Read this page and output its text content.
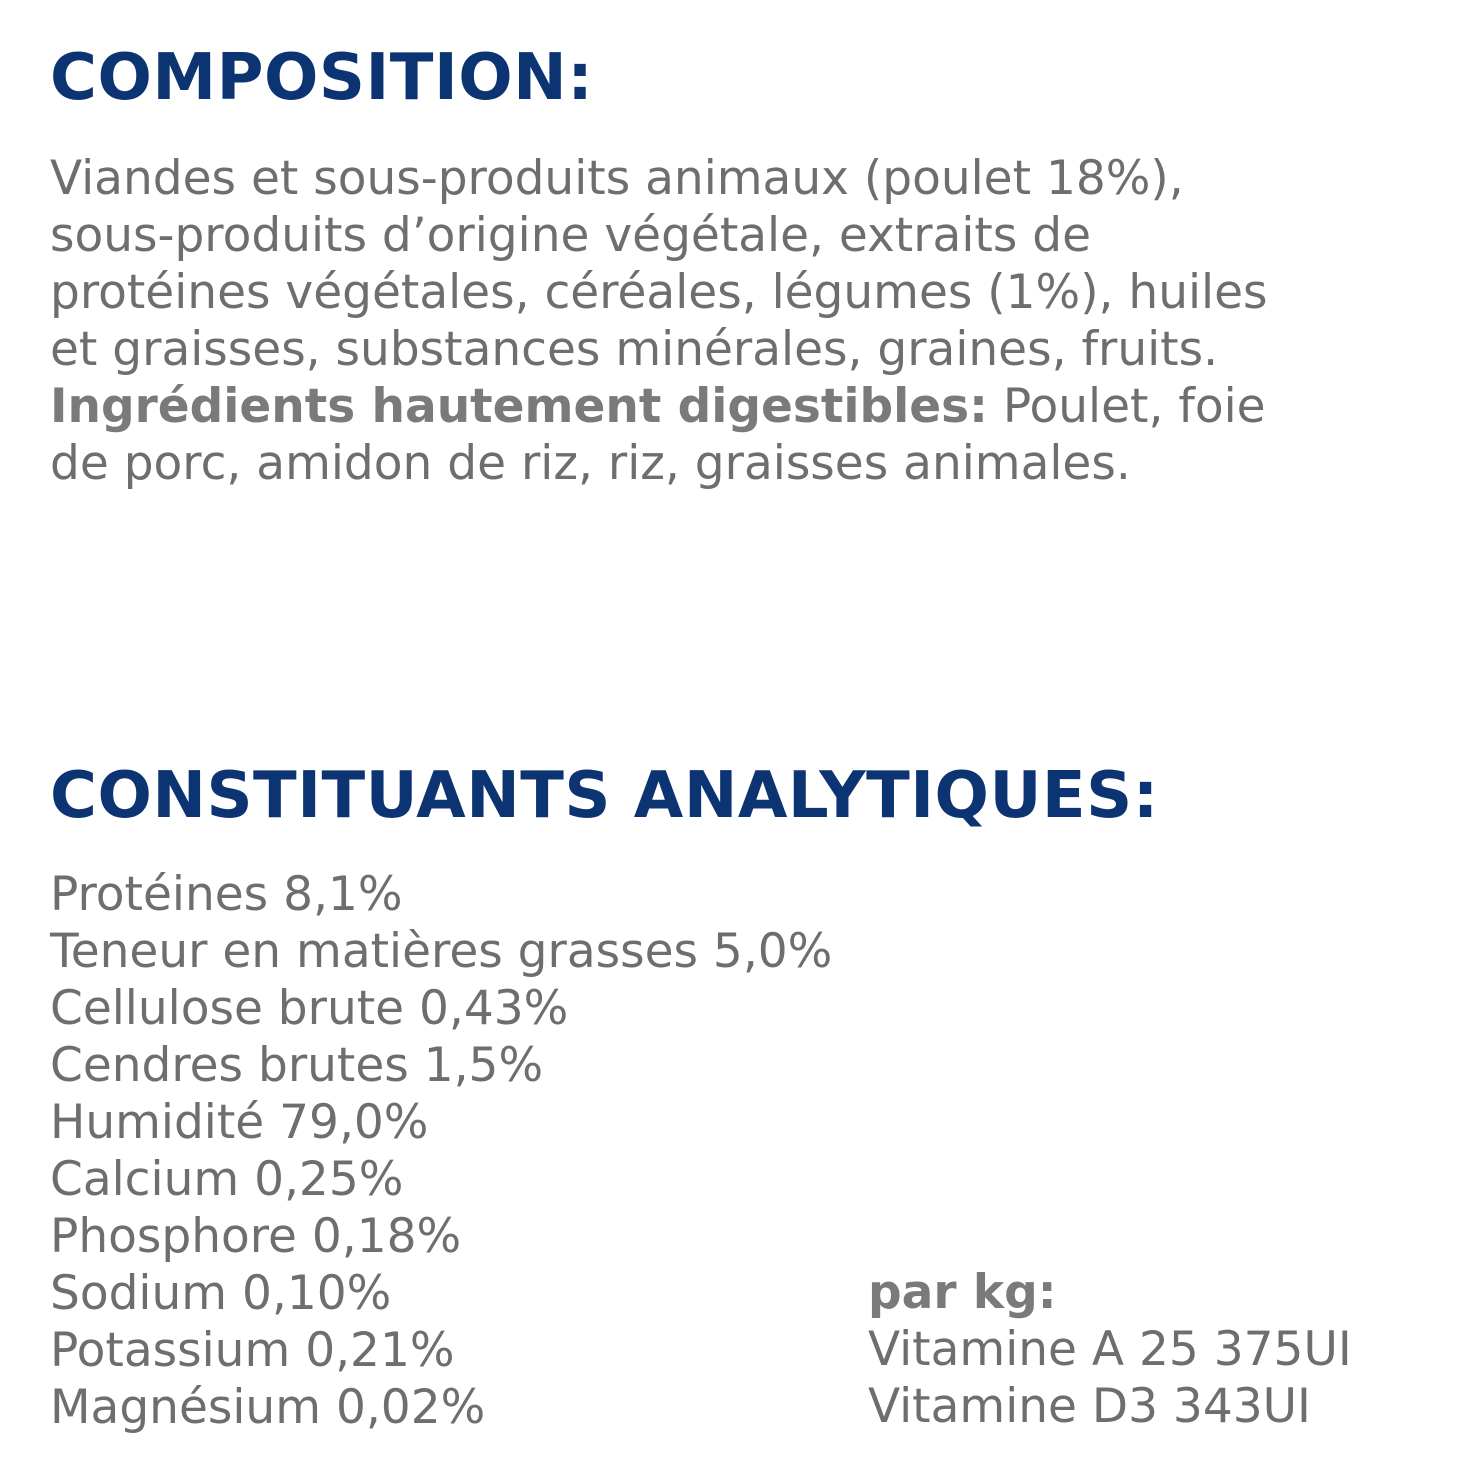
COMPOSITION:

Viandes et sous-produits animaux (poulet 18%),
sous-produits d’origine végétale, extraits de
protéines végétales, céréales, légumes (1%), huiles
et graisses, substances minérales, graines, fruits.
Ingrédients hautement digestibles: Poulet, foie
de porc, amidon de riz, riz, graisses animales.

CONSTITUANTS ANALYTIQUES:
Protéines 8,1%
Teneur en matières grasses 5,0%
Cellulose brute 0,43%
Cendres brutes 1,5%
Humidité 79,0%
Calcium 0,25%
Phosphore 0,18%
Sodium 0,10%
Potassium 0,21%
Magnésium 0,02%
par kg:
Vitamine A 25 375UI
Vitamine D3 343UI
